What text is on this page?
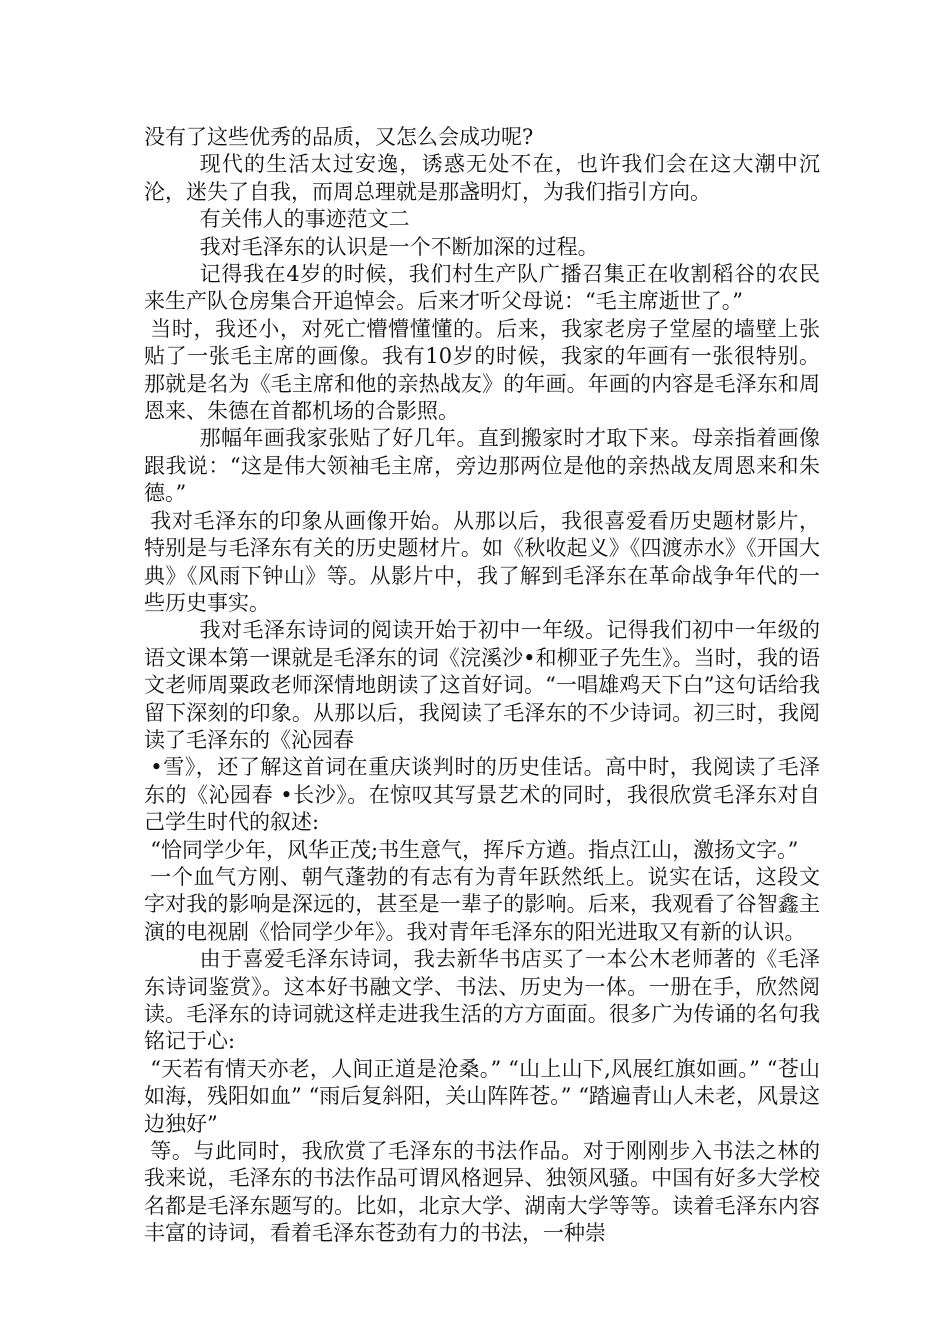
没有了这些优秀的品质，又怎么会成功呢?

现代的生活太过安逸，诱惑无处不在，也许我们会在这大潮中沉沦，迷失了自我，而周总理就是那盏明灯，为我们指引方向。

有关伟人的事迹范文二

我对毛泽东的认识是一个不断加深的过程。

记得我在4岁的时候，我们村生产队广播召集正在收割稻谷的农民来生产队仓房集合开追悼会。后来才听父母说：“毛主席逝世了。”

当时，我还小，对死亡懵懵懂懂的。后来，我家老房子堂屋的墙壁上张贴了一张毛主席的画像。我有10岁的时候，我家的年画有一张很特别。那就是名为《毛主席和他的亲热战友》的年画。年画的内容是毛泽东和周恩来、朱德在首都机场的合影照。

那幅年画我家张贴了好几年。直到搬家时才取下来。母亲指着画像跟我说：“这是伟大领袖毛主席，旁边那两位是他的亲热战友周恩来和朱德。”

我对毛泽东的印象从画像开始。从那以后，我很喜爱看历史题材影片，特别是与毛泽东有关的历史题材片。如《秋收起义》《四渡赤水》《开国大典》《风雨下钟山》等。从影片中，我了解到毛泽东在革命战争年代的一些历史事实。

我对毛泽东诗词的阅读开始于初中一年级。记得我们初中一年级的语文课本第一课就是毛泽东的词《浣溪沙•和柳亚子先生》。当时，我的语文老师周粟政老师深情地朗读了这首好词。“一唱雄鸡天下白”这句话给我留下深刻的印象。从那以后，我阅读了毛泽东的不少诗词。初三时，我阅读了毛泽东的《沁园春

•雪》，还了解这首词在重庆谈判时的历史佳话。高中时，我阅读了毛泽东的《沁园春 •长沙》。在惊叹其写景艺术的同时，我很欣赏毛泽东对自己学生时代的叙述:

“恰同学少年，风华正茂;书生意气，挥斥方遒。指点江山，激扬文字。”

一个血气方刚、朝气蓬勃的有志有为青年跃然纸上。说实在话，这段文字对我的影响是深远的，甚至是一辈子的影响。后来，我观看了谷智鑫主演的电视剧《恰同学少年》。我对青年毛泽东的阳光进取又有新的认识。

由于喜爱毛泽东诗词，我去新华书店买了一本公木老师著的《毛泽东诗词鉴赏》。这本好书融文学、书法、历史为一体。一册在手，欣然阅读。毛泽东的诗词就这样走进我生活的方方面面。很多广为传诵的名句我铭记于心:

“天若有情天亦老，人间正道是沧桑。” “山上山下,风展红旗如画。” “苍山如海，残阳如血” “雨后复斜阳，关山阵阵苍。” “踏遍青山人未老，风景这边独好”

等。与此同时，我欣赏了毛泽东的书法作品。对于刚刚步入书法之林的我来说，毛泽东的书法作品可谓风格迥异、独领风骚。中国有好多大学校名都是毛泽东题写的。比如，北京大学、湖南大学等等。读着毛泽东内容丰富的诗词，看着毛泽东苍劲有力的书法，一种崇
